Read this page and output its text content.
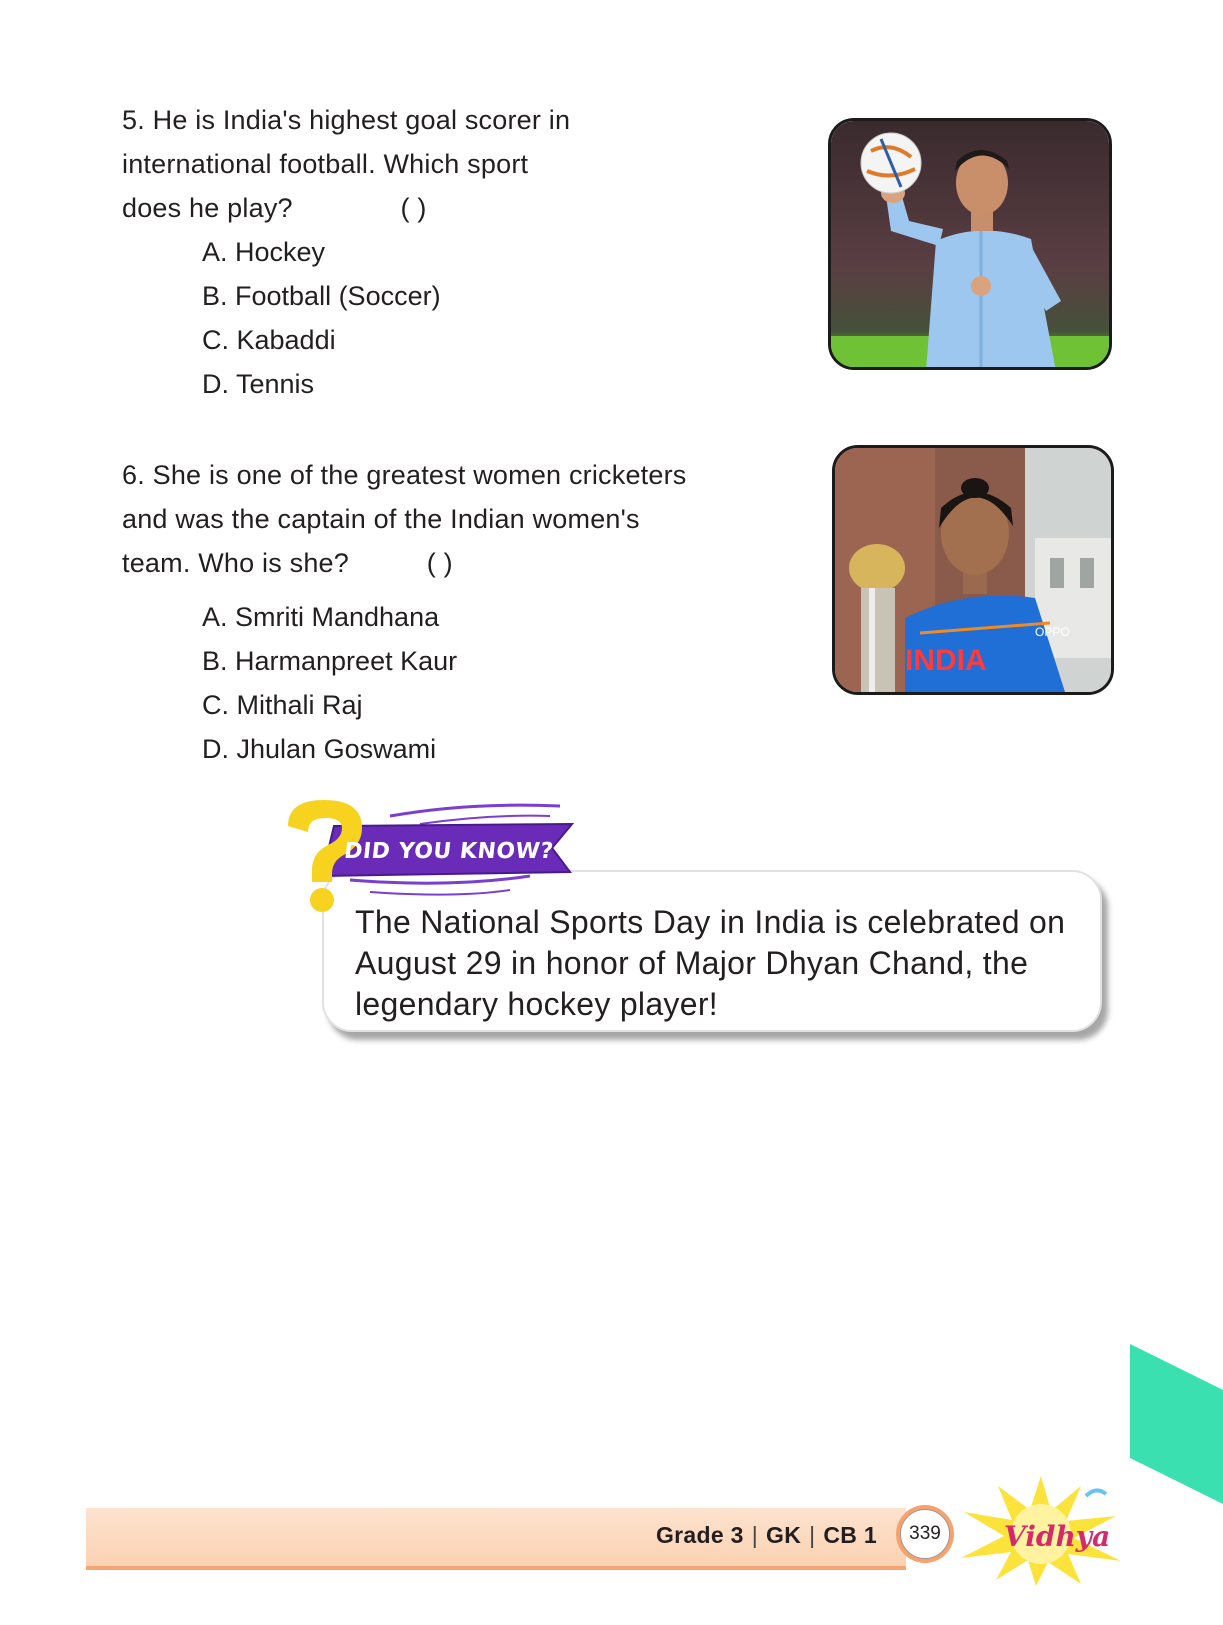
5. He is India's highest goal scorer in
international football. Which sport
does he play?	( )

A. Hockey
B. Football (Soccer)
C. Kabaddi
D. Tennis

6. She is one of the greatest women cricketers
and was the captain of the Indian women's
team. Who is she?	( )

A. Smriti Mandhana
B. Harmanpreet Kaur
C. Mithali Raj
D. Jhulan Goswami
INDIA
OPPO
DID YOU KNOW?
The National Sports Day in India is celebrated on August 29 in honor of Major Dhyan Chand, the legendary hockey player!
Grade 3 | GK | CB 1	339	Vidhya
